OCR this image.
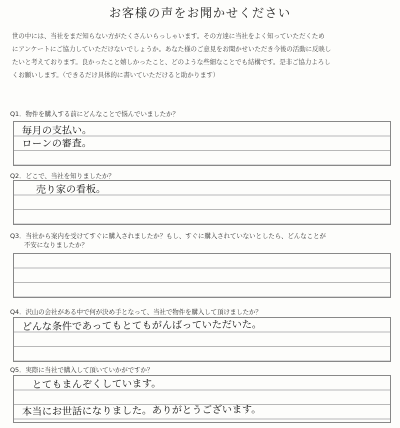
お客様の声をお聞かせください
世の中には、当社をまだ知らない方がたくさんいらっしゃいます。その方達に当社をよく知っていただくため
にアンケートにご協力していただけないでしょうか。あなた様のご意見をお聞かせいただき今後の活動に反映し
たいと考えております。良かったこと嬉しかったこと、どのような些細なことでも結構です。是非ご協力よろし
くお願いします。（できるだけ具体的に書いていただけると助かります）
Q1．物件を購入する前にどんなことで悩んでいましたか？
毎月の支払い。
ローンの審査。
Q2．どこで、当社を知りましたか？
売り家の看板。
Q3．当社から案内を受けてすぐに購入されましたか？もし、すぐに購入されていないとしたら、どんなことが
不安になりましたか？
Q4．沢山の会社がある中で何が決め手となって、当社で物件を購入して頂けましたか？
どんな条件であってもとてもがんばっていただいた。
Q5．実際に当社で購入して頂いていかがですか？
とてもまんぞくしています。
本当にお世話になりました。ありがとうございます。
